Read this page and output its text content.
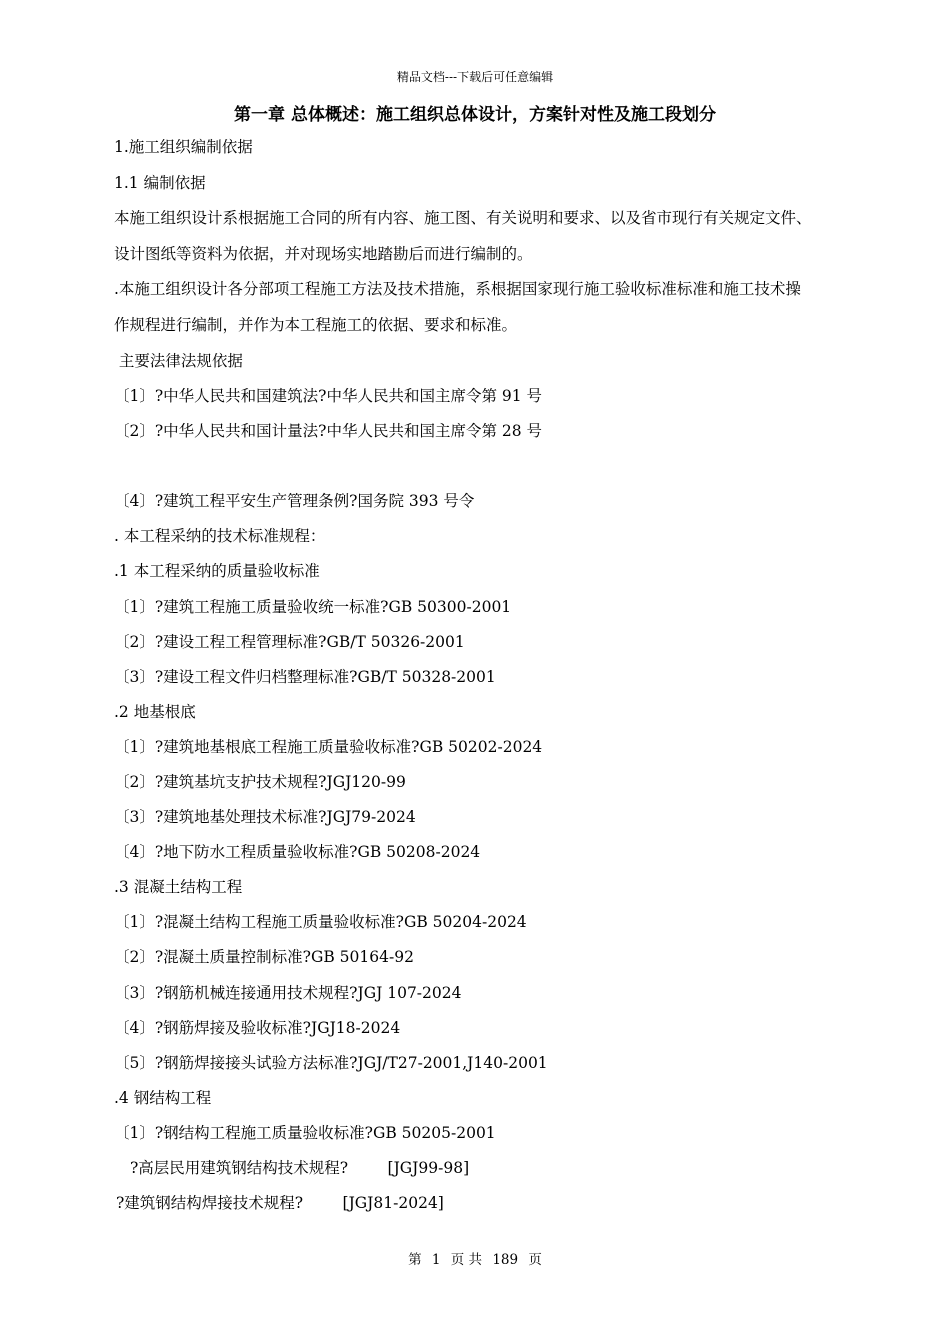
精品文档---下载后可任意编辑
第一章 总体概述：施工组织总体设计，方案针对性及施工段划分
1.施工组织编制依据
1.1 编制依据
本施工组织设计系根据施工合同的所有内容、施工图、有关说明和要求、以及省市现行有关规定文件、
设计图纸等资料为依据，并对现场实地踏勘后而进行编制的。
.本施工组织设计各分部项工程施工方法及技术措施，系根据国家现行施工验收标准标准和施工技术操
作规程进行编制，并作为本工程施工的依据、要求和标准。
主要法律法规依据
〔1〕?中华人民共和国建筑法?中华人民共和国主席令第 91 号
〔2〕?中华人民共和国计量法?中华人民共和国主席令第 28 号
〔4〕?建筑工程平安生产管理条例?国务院 393 号令
. 本工程采纳的技术标准规程：
.1 本工程采纳的质量验收标准
〔1〕?建筑工程施工质量验收统一标准?GB 50300-2001
〔2〕?建设工程工程管理标准?GB/T 50326-2001
〔3〕?建设工程文件归档整理标准?GB/T 50328-2001
.2 地基根底
〔1〕?建筑地基根底工程施工质量验收标准?GB 50202-2024
〔2〕?建筑基坑支护技术规程?JGJ120-99
〔3〕?建筑地基处理技术标准?JGJ79-2024
〔4〕?地下防水工程质量验收标准?GB 50208-2024
.3 混凝土结构工程
〔1〕?混凝土结构工程施工质量验收标准?GB 50204-2024
〔2〕?混凝土质量控制标准?GB 50164-92
〔3〕?钢筋机械连接通用技术规程?JGJ 107-2024
〔4〕?钢筋焊接及验收标准?JGJ18-2024
〔5〕?钢筋焊接接头试验方法标准?JGJ/T27-2001,J140-2001
.4 钢结构工程
〔1〕?钢结构工程施工质量验收标准?GB 50205-2001
?高层民用建筑钢结构技术规程?        [JGJ99-98]
?建筑钢结构焊接技术规程?        [JGJ81-2024]
第 1 页 共 189 页
